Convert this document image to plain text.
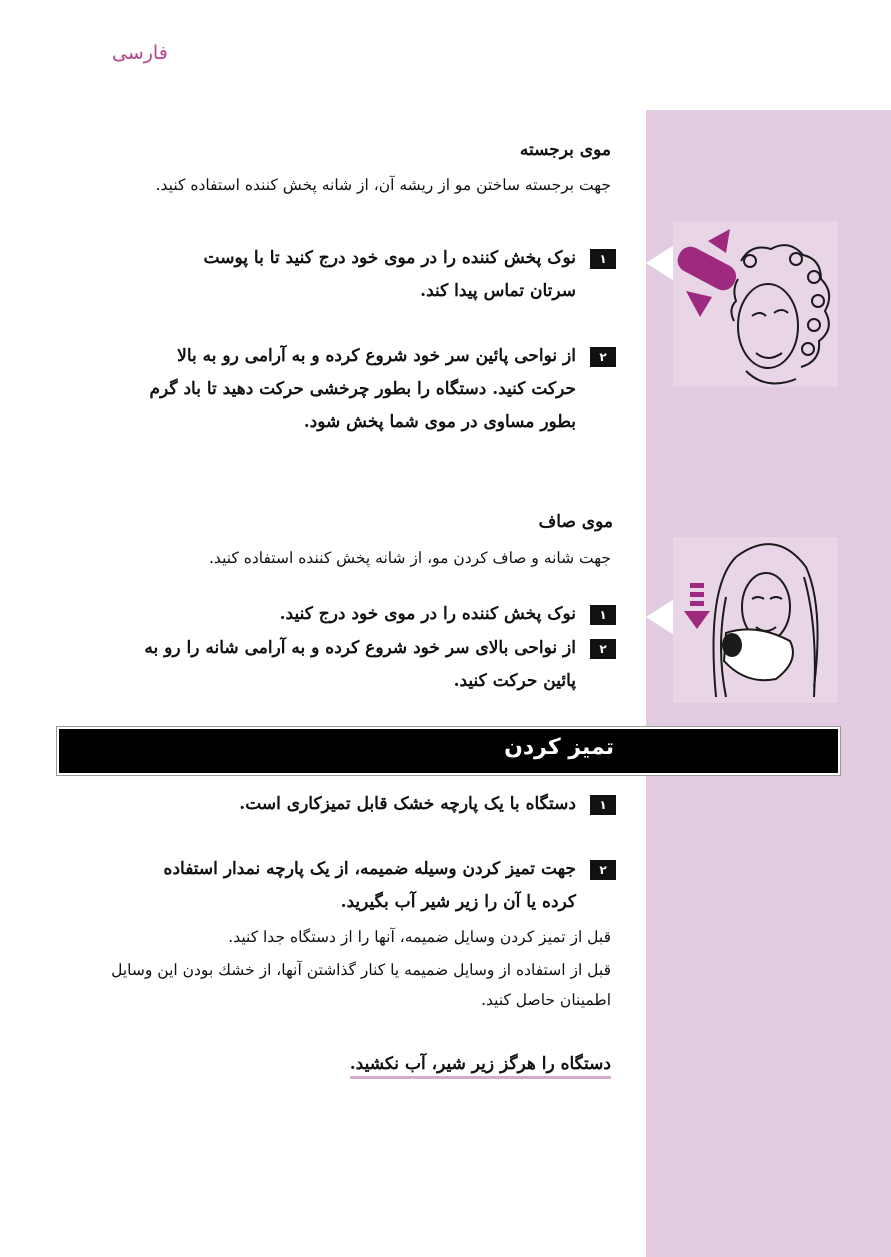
فارسی
موی برجسته
جهت برجسته ساختن مو از ریشه آن، از شانه پخش کننده استفاده کنید.
۱
نوک پخش کننده را در موی خود درج کنید تا با پوست سرتان تماس پیدا کند.
۲
از نواحی پائین سر خود شروع کرده و به آرامی رو به بالا حرکت کنید. دستگاه را بطور چرخشی حرکت دهید تا باد گرم بطور مساوی در موی شما پخش شود.
موی صاف
جهت شانه و صاف کردن مو، از شانه پخش کننده استفاده کنید.
۱
نوک پخش کننده را در موی خود درج کنید.
۲
از نواحی بالای سر خود شروع کرده و به آرامی شانه را رو به پائین حرکت کنید.
تمیز کردن
۱
دستگاه با یک پارچه خشک قابل تمیزکاری است.
۲
جهت تمیز کردن وسیله ضمیمه، از یک پارچه نمدار استفاده کرده یا آن را زیر شیر آب بگیرید.
قبل از تمیز کردن وسایل ضمیمه، آنها را از دستگاه جدا کنید.
قبل از استفاده از وسایل ضمیمه یا کنار گذاشتن آنها، از خشك بودن این وسایل اطمینان حاصل کنید.
دستگاه را هرگز زیر شیر، آب نکشید.
